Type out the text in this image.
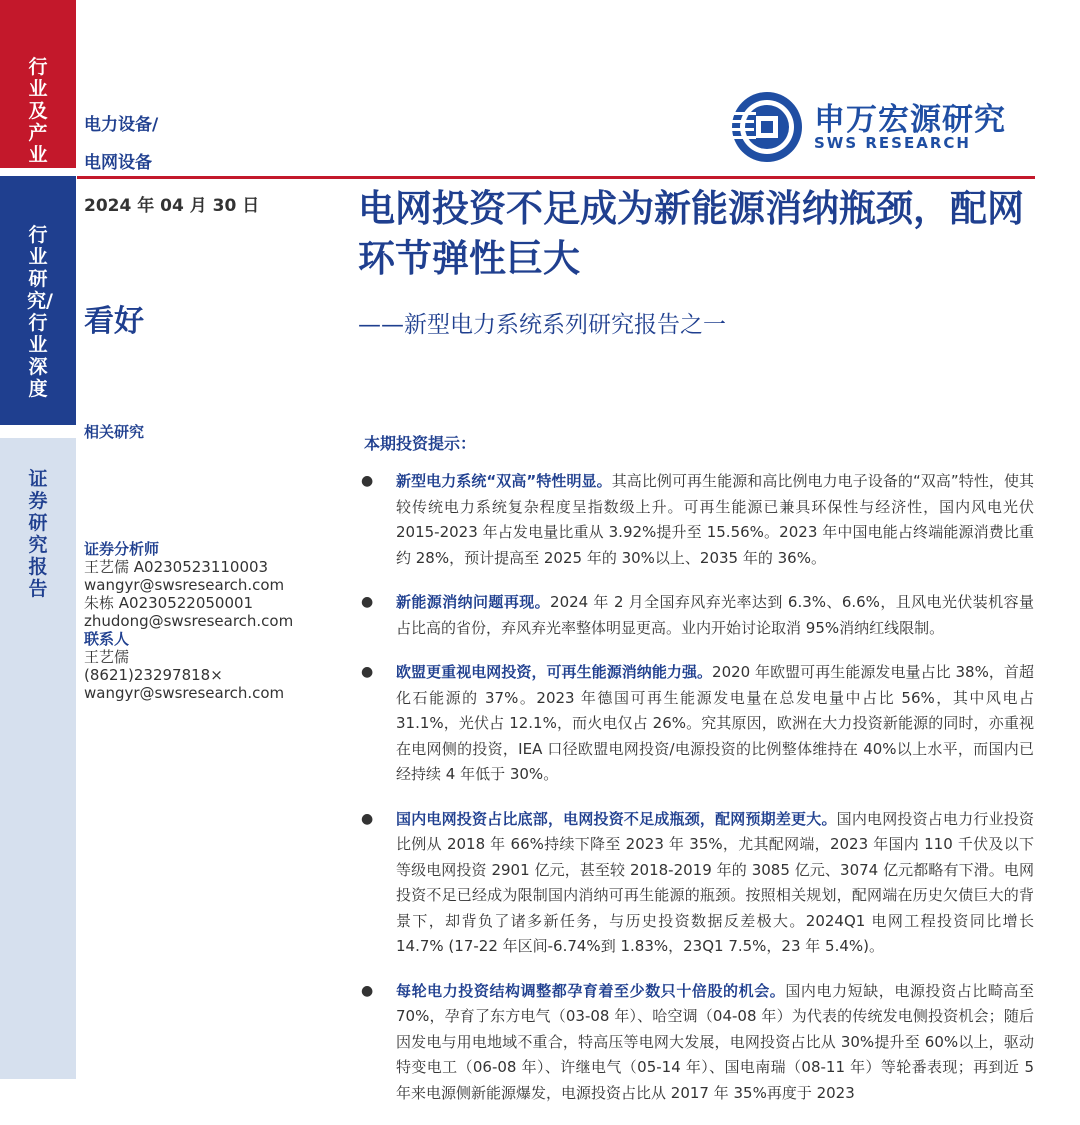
行业及产业
行业研究/行业深度
证券研究报告
电力设备/
电网设备
2024 年 04 月 30 日
看好
相关研究
证券分析师
王艺儒 A0230523110003
wangyr@swsresearch.com
朱栋 A0230522050001
zhudong@swsresearch.com
联系人
王艺儒
(8621)23297818×
wangyr@swsresearch.com
申万宏源研究
SWS RESEARCH
电网投资不足成为新能源消纳瓶颈，配网环节弹性巨大
——新型电力系统系列研究报告之一
本期投资提示：
● 新型电力系统“双高”特性明显。其高比例可再生能源和高比例电力电子设备的“双高”特性，使其较传统电力系统复杂程度呈指数级上升。可再生能源已兼具环保性与经济性，国内风电光伏 2015-2023 年占发电量比重从 3.92%提升至 15.56%。2023 年中国电能占终端能源消费比重约 28%，预计提高至 2025 年的 30%以上、2035 年的 36%。
● 新能源消纳问题再现。2024 年 2 月全国弃风弃光率达到 6.3%、6.6%，且风电光伏装机容量占比高的省份，弃风弃光率整体明显更高。业内开始讨论取消 95%消纳红线限制。
● 欧盟更重视电网投资，可再生能源消纳能力强。2020 年欧盟可再生能源发电量占比 38%，首超化石能源的 37%。2023 年德国可再生能源发电量在总发电量中占比 56%，其中风电占 31.1%，光伏占 12.1%，而火电仅占 26%。究其原因，欧洲在大力投资新能源的同时，亦重视在电网侧的投资，IEA 口径欧盟电网投资/电源投资的比例整体维持在 40%以上水平，而国内已经持续 4 年低于 30%。
● 国内电网投资占比底部，电网投资不足成瓶颈，配网预期差更大。国内电网投资占电力行业投资比例从 2018 年 66%持续下降至 2023 年 35%，尤其配网端，2023 年国内 110 千伏及以下等级电网投资 2901 亿元，甚至较 2018-2019 年的 3085 亿元、3074 亿元都略有下滑。电网投资不足已经成为限制国内消纳可再生能源的瓶颈。按照相关规划，配网端在历史欠债巨大的背景下，却背负了诸多新任务，与历史投资数据反差极大。2024Q1 电网工程投资同比增长 14.7% (17-22 年区间-6.74%到 1.83%，23Q1 7.5%，23 年 5.4%)。
● 每轮电力投资结构调整都孕育着至少数只十倍股的机会。国内电力短缺，电源投资占比畸高至 70%，孕育了东方电气（03-08 年）、哈空调（04-08 年）为代表的传统发电侧投资机会；随后因发电与用电地域不重合，特高压等电网大发展，电网投资占比从 30%提升至 60%以上，驱动特变电工（06-08 年）、许继电气（05-14 年）、国电南瑞（08-11 年）等轮番表现；再到近 5 年来电源侧新能源爆发，电源投资占比从 2017 年 35%再度于 2023
